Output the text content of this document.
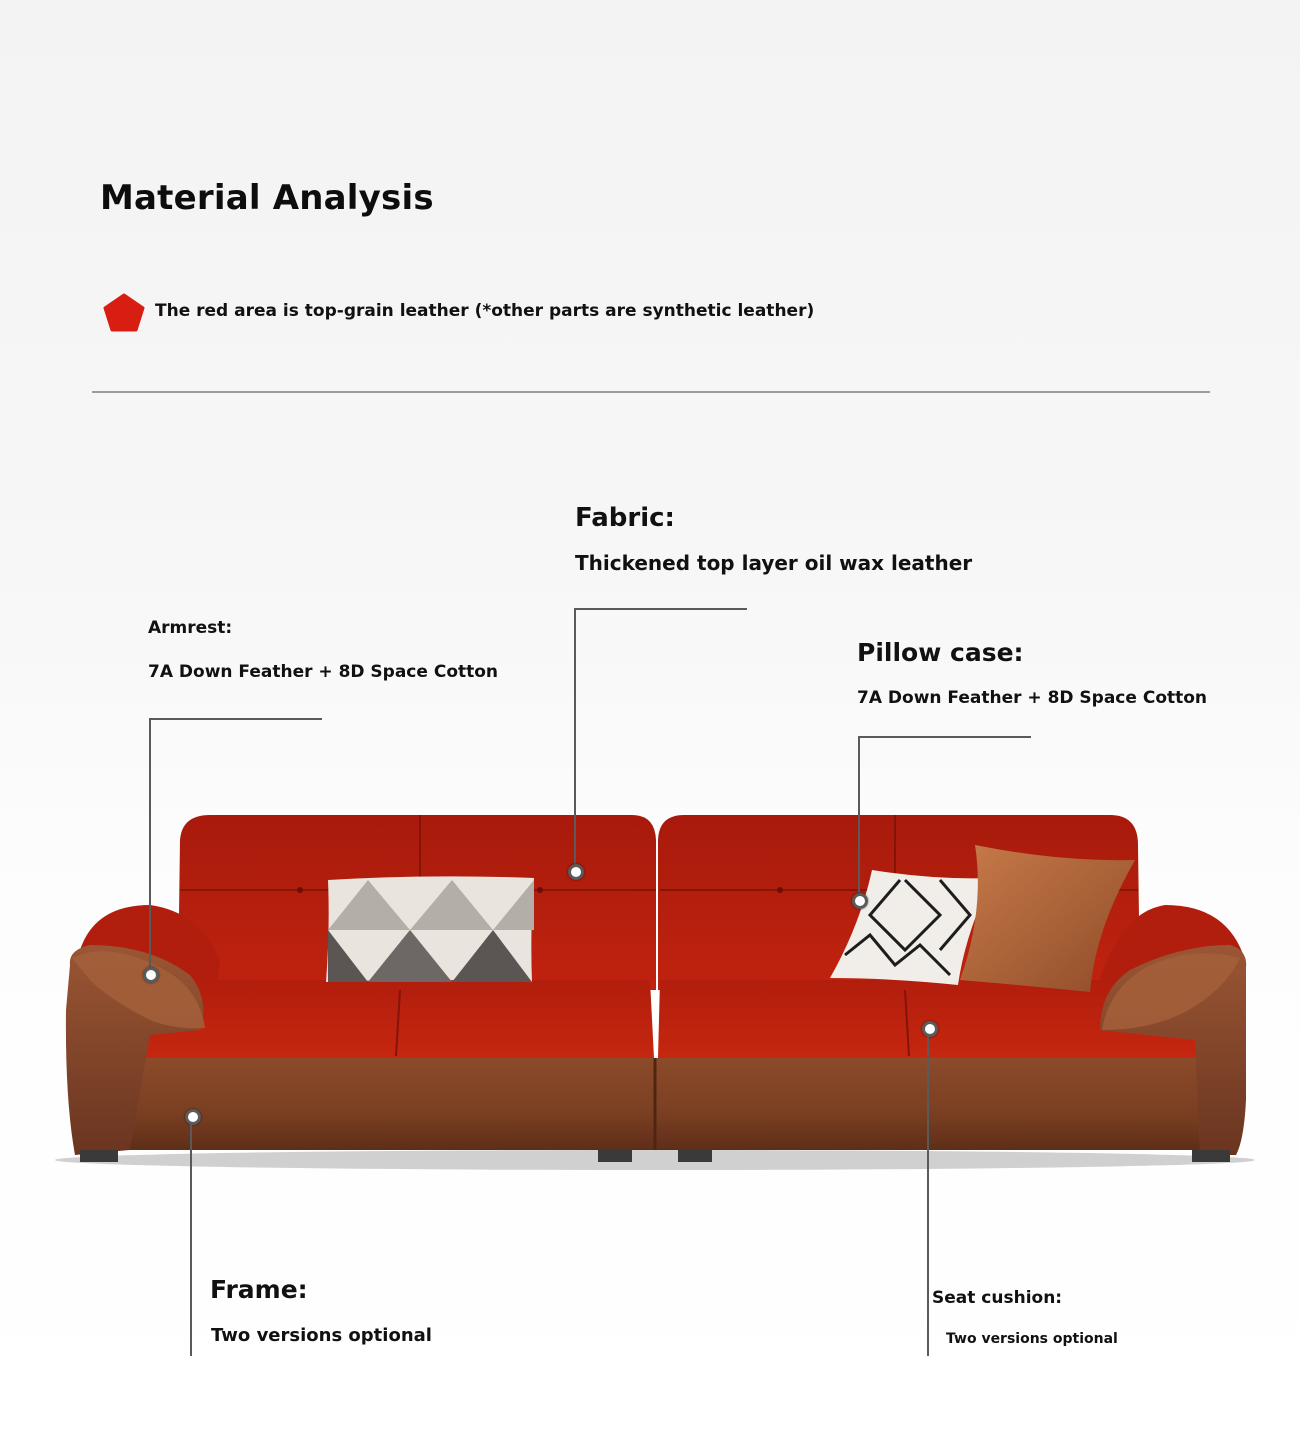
Material Analysis
The red area is top-grain leather (*other parts are synthetic leather)
Fabric:
Thickened top layer oil wax leather
Armrest:
7A Down Feather + 8D Space Cotton
Pillow case:
7A Down Feather + 8D Space Cotton
Frame:
Two versions optional
Seat cushion:
Two versions optional
